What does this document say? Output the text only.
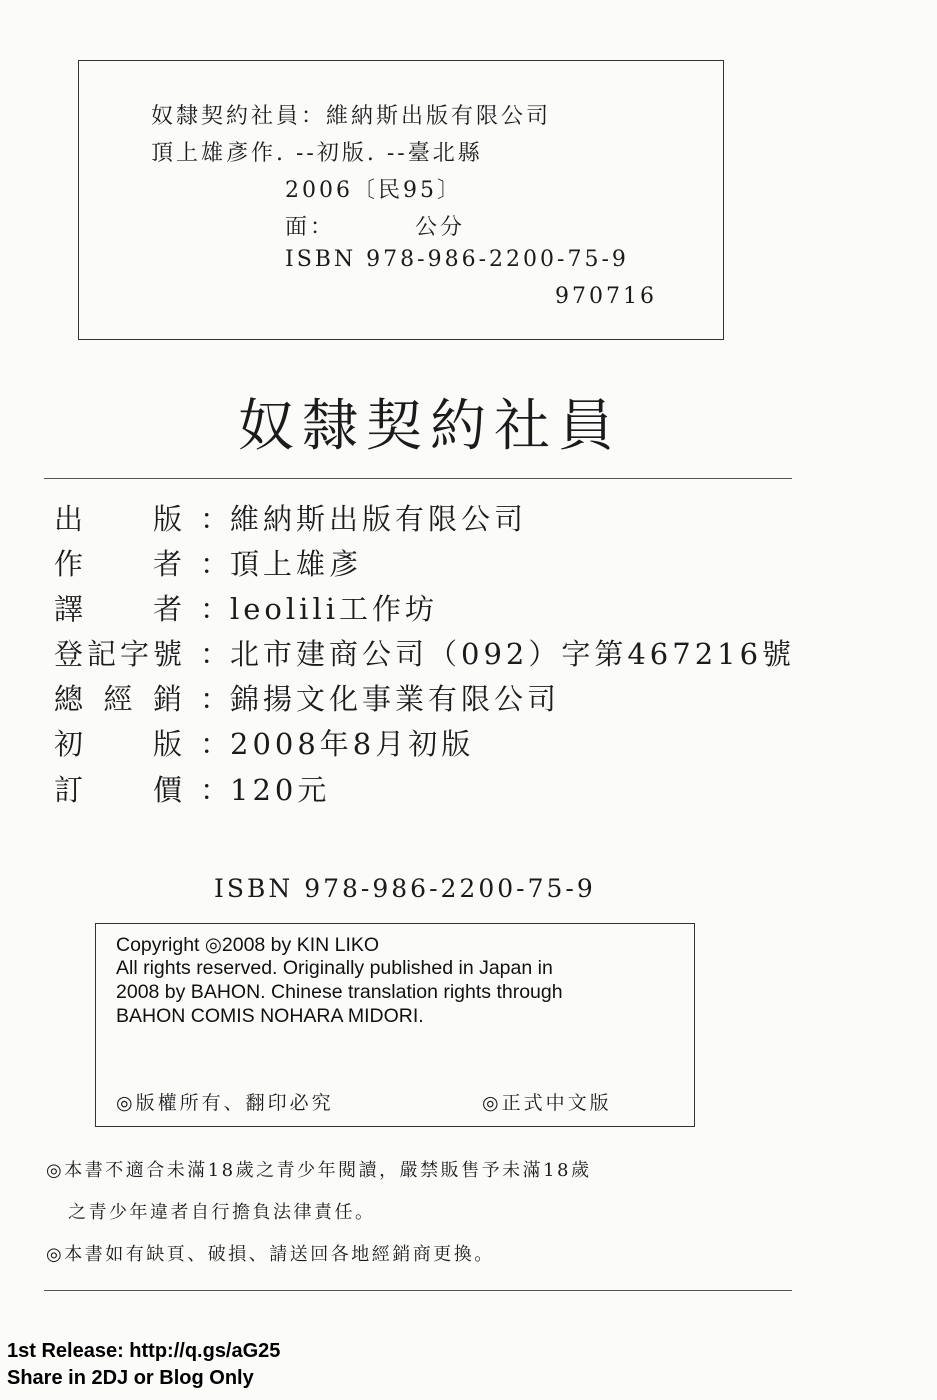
奴隸契約社員：維納斯出版有限公司
頂上雄彥作. --初版. --臺北縣
2006〔民95〕
面：	公分
ISBN 978-986-2200-75-9
970716
奴隸契約社員
出 版 ： 維納斯出版有限公司
作 者 ： 頂上雄彥
譯 者 ： leolili工作坊
登 記 字 號 ： 北市建商公司（092）字第467216號
總 經 銷 ： 錦揚文化事業有限公司
初 版 ： 2008年8月初版
訂 價 ： 120元
ISBN 978-986-2200-75-9
Copyright ◎2008 by KIN LIKO
All rights reserved. Originally published in Japan in
2008 by BAHON. Chinese translation rights through
BAHON COMIS NOHARA MIDORI.
◎版權所有、翻印必究	◎正式中文版
◎本書不適合未滿18歲之青少年閱讀，嚴禁販售予未滿18歲
之青少年違者自行擔負法律責任。
◎本書如有缺頁、破損、請送回各地經銷商更換。
1st Release: http://q.gs/aG25
Share in 2DJ or Blog Only
